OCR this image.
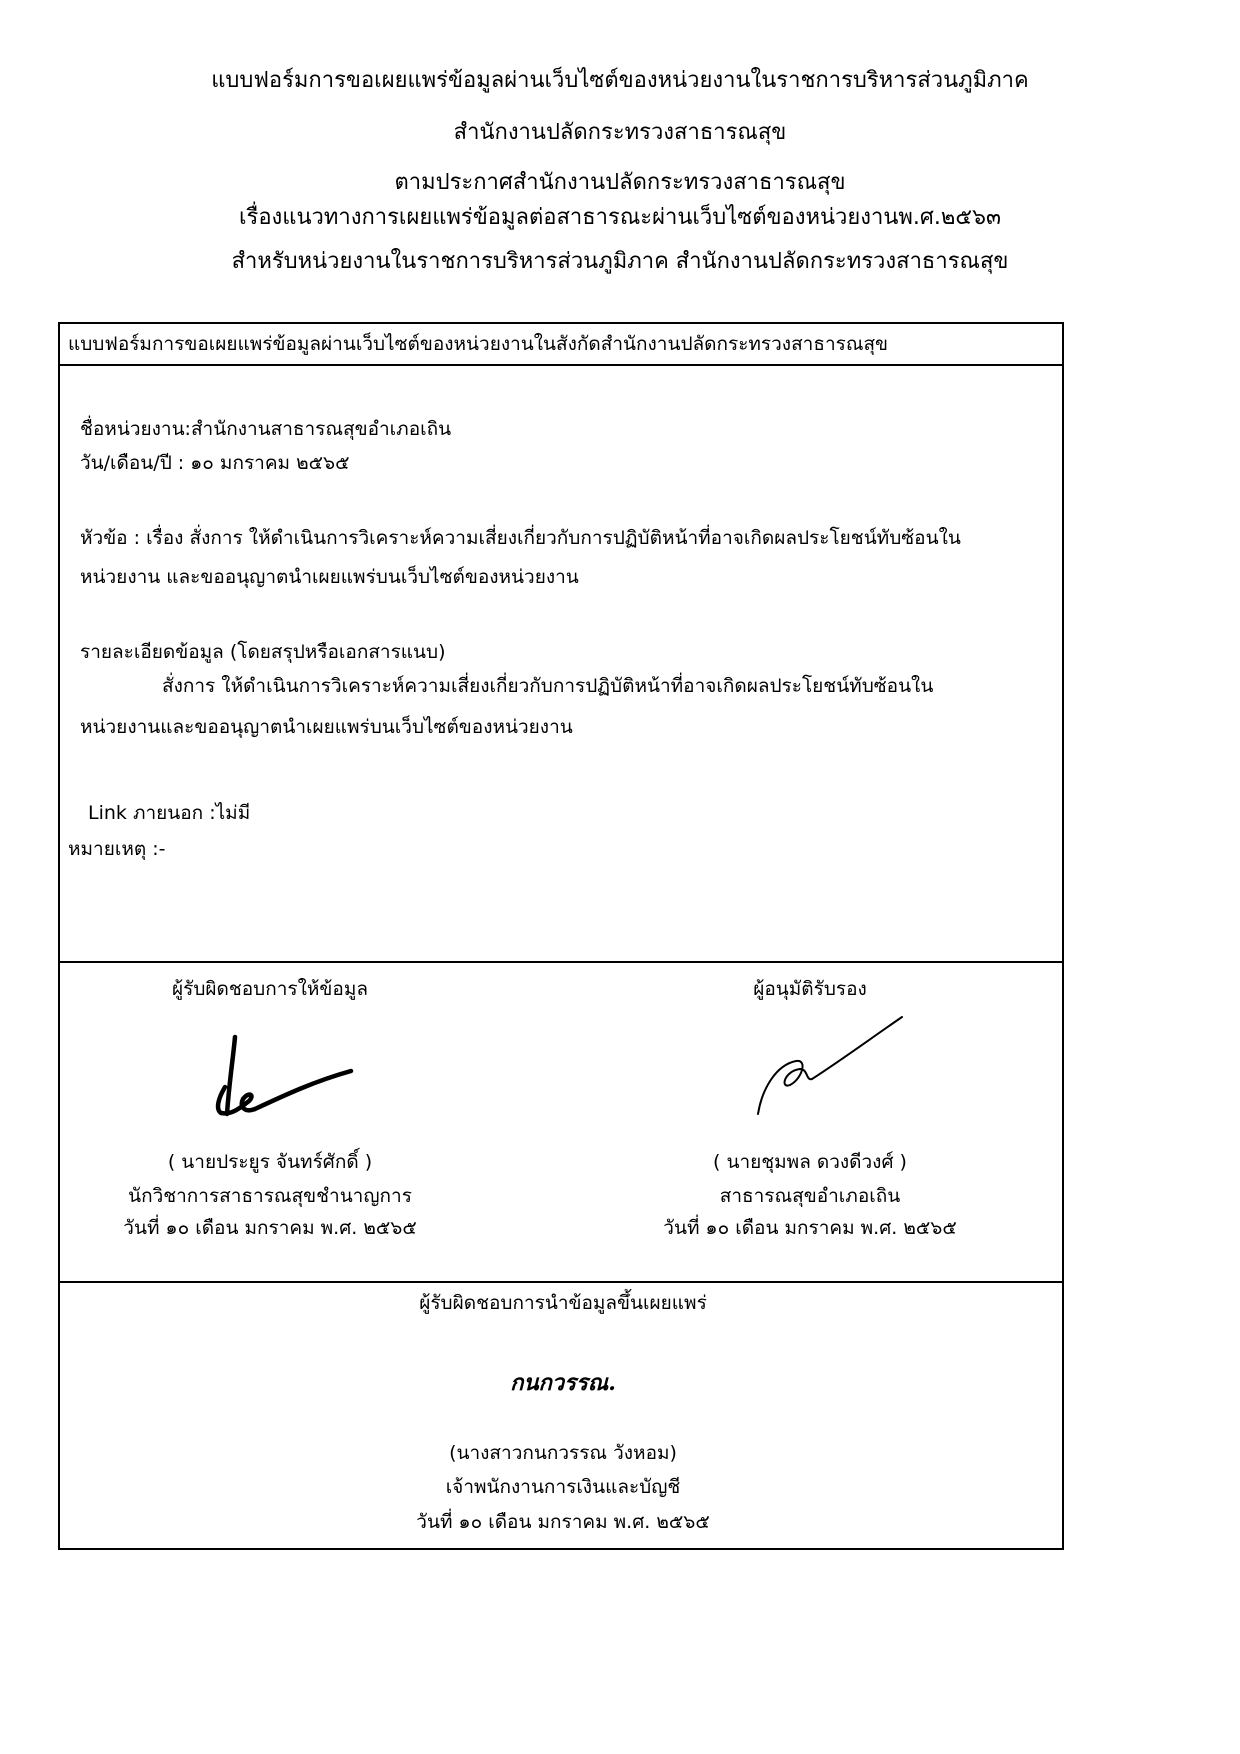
แบบฟอร์มการขอเผยแพร่ข้อมูลผ่านเว็บไซต์ของหน่วยงานในราชการบริหารส่วนภูมิภาค
สำนักงานปลัดกระทรวงสาธารณสุข
ตามประกาศสำนักงานปลัดกระทรวงสาธารณสุข
เรื่องแนวทางการเผยแพร่ข้อมูลต่อสาธารณะผ่านเว็บไซต์ของหน่วยงานพ.ศ.๒๕๖๓
สำหรับหน่วยงานในราชการบริหารส่วนภูมิภาค สำนักงานปลัดกระทรวงสาธารณสุข
แบบฟอร์มการขอเผยแพร่ข้อมูลผ่านเว็บไซต์ของหน่วยงานในสังกัดสำนักงานปลัดกระทรวงสาธารณสุข
ชื่อหน่วยงาน:สำนักงานสาธารณสุขอำเภอเถิน
วัน/เดือน/ปี : ๑๐ มกราคม ๒๕๖๕
หัวข้อ : เรื่อง สั่งการ ให้ดำเนินการวิเคราะห์ความเสี่ยงเกี่ยวกับการปฏิบัติหน้าที่อาจเกิดผลประโยชน์ทับซ้อนใน
หน่วยงาน และขออนุญาตนำเผยแพร่บนเว็บไซต์ของหน่วยงาน
รายละเอียดข้อมูล (โดยสรุปหรือเอกสารแนบ)
สั่งการ ให้ดำเนินการวิเคราะห์ความเสี่ยงเกี่ยวกับการปฏิบัติหน้าที่อาจเกิดผลประโยชน์ทับซ้อนใน
หน่วยงานและขออนุญาตนำเผยแพร่บนเว็บไซต์ของหน่วยงาน
Link ภายนอก :ไม่มี
หมายเหตุ :-
ผู้รับผิดชอบการให้ข้อมูล
( นายประยูร จันทร์ศักดิ์ )
นักวิชาการสาธารณสุขชำนาญการ
วันที่ ๑๐ เดือน มกราคม พ.ศ. ๒๕๖๕
ผู้อนุมัติรับรอง
( นายชุมพล ดวงดีวงศ์ )
สาธารณสุขอำเภอเถิน
วันที่ ๑๐ เดือน มกราคม พ.ศ. ๒๕๖๕
ผู้รับผิดชอบการนำข้อมูลขึ้นเผยแพร่
กนกวรรณ.
(นางสาวกนกวรรณ วังหอม)
เจ้าพนักงานการเงินและบัญชี
วันที่ ๑๐ เดือน มกราคม พ.ศ. ๒๕๖๕
